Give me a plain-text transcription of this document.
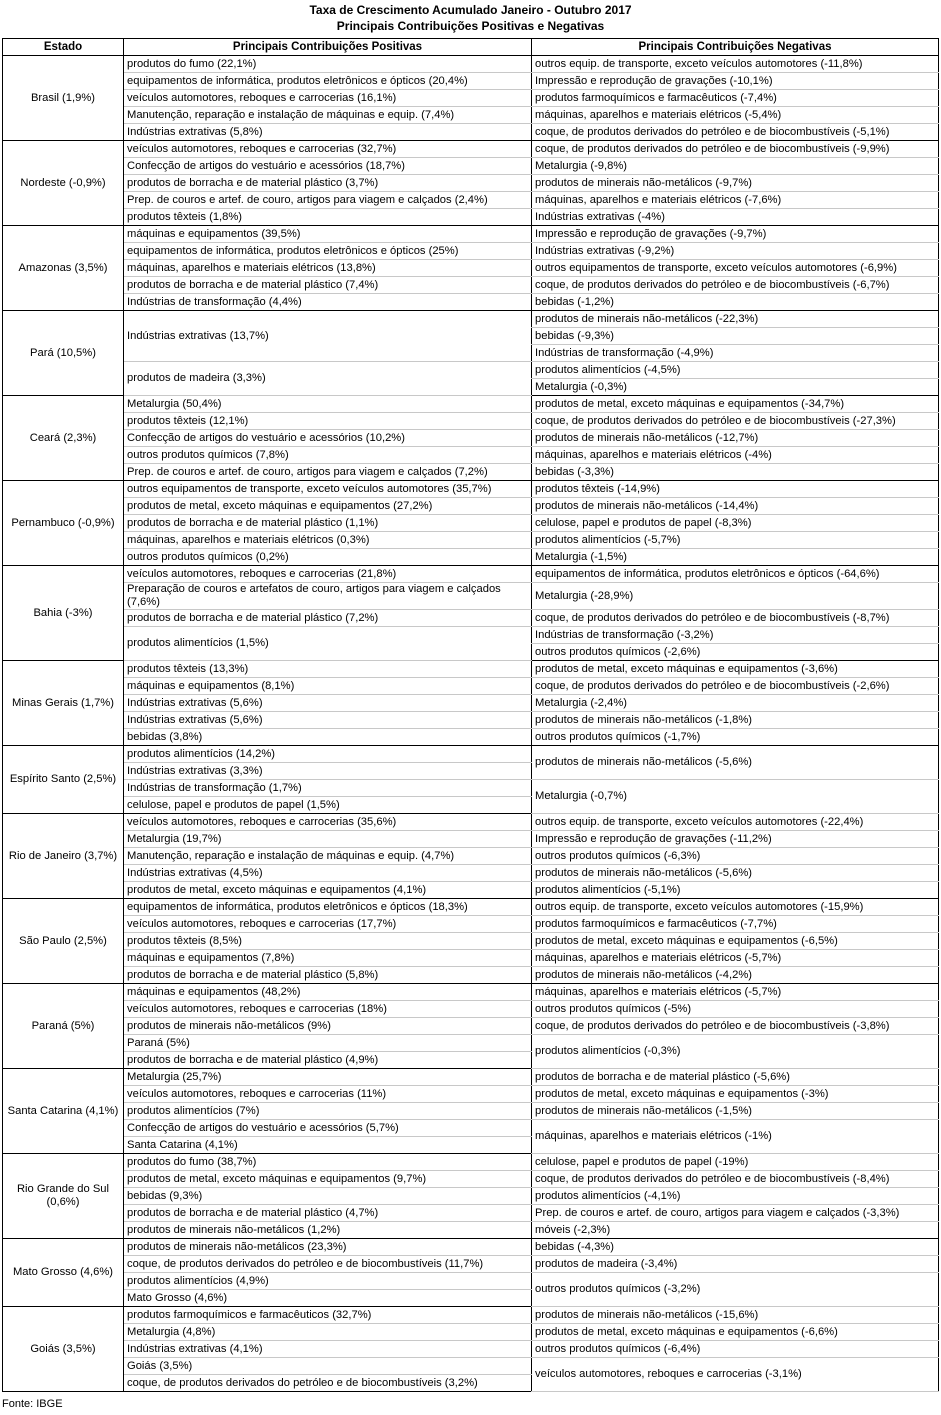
Taxa de Crescimento Acumulado Janeiro - Outubro 2017
Principais Contribuições Positivas e Negativas
Estado	Principais Contribuições Positivas	Principais Contribuições Negativas
Brasil (1,9%)	produtos do fumo (22,1%)	outros equip. de transporte, exceto veículos automotores (-11,8%)
	equipamentos de informática, produtos eletrônicos e ópticos (20,4%)	Impressão e reprodução de gravações (-10,1%)
	veículos automotores, reboques e carrocerias (16,1%)	produtos farmoquímicos e farmacêuticos (-7,4%)
	Manutenção, reparação e instalação de máquinas e equip. (7,4%)	máquinas, aparelhos e materiais elétricos (-5,4%)
	Indústrias extrativas (5,8%)	coque, de produtos derivados do petróleo e de biocombustíveis (-5,1%)
Nordeste (-0,9%)	veículos automotores, reboques e carrocerias (32,7%)	coque, de produtos derivados do petróleo e de biocombustíveis (-9,9%)
	Confecção de artigos do vestuário e acessórios (18,7%)	Metalurgia (-9,8%)
	produtos de borracha e de material plástico (3,7%)	produtos de minerais não-metálicos (-9,7%)
	Prep. de couros e artef. de couro, artigos para viagem e calçados (2,4%)	máquinas, aparelhos e materiais elétricos (-7,6%)
	produtos têxteis (1,8%)	Indústrias extrativas (-4%)
Amazonas (3,5%)	máquinas e equipamentos (39,5%)	Impressão e reprodução de gravações (-9,7%)
	equipamentos de informática, produtos eletrônicos e ópticos (25%)	Indústrias extrativas (-9,2%)
	máquinas, aparelhos e materiais elétricos (13,8%)	outros equipamentos de transporte, exceto veículos automotores (-6,9%)
	produtos de borracha e de material plástico (7,4%)	coque, de produtos derivados do petróleo e de biocombustíveis (-6,7%)
	Indústrias de transformação (4,4%)	bebidas (-1,2%)
Pará (10,5%)	Indústrias extrativas (13,7%)	produtos de minerais não-metálicos (-22,3%)
		bebidas (-9,3%)
		Indústrias de transformação (-4,9%)
	produtos de madeira (3,3%)	produtos alimentícios (-4,5%)
		Metalurgia (-0,3%)
Ceará (2,3%)	Metalurgia (50,4%)	produtos de metal, exceto máquinas e equipamentos (-34,7%)
	produtos têxteis (12,1%)	coque, de produtos derivados do petróleo e de biocombustíveis (-27,3%)
	Confecção de artigos do vestuário e acessórios (10,2%)	produtos de minerais não-metálicos (-12,7%)
	outros produtos químicos (7,8%)	máquinas, aparelhos e materiais elétricos (-4%)
	Prep. de couros e artef. de couro, artigos para viagem e calçados (7,2%)	bebidas (-3,3%)
Pernambuco (-0,9%)	outros equipamentos de transporte, exceto veículos automotores (35,7%)	produtos têxteis (-14,9%)
	produtos de metal, exceto máquinas e equipamentos (27,2%)	produtos de minerais não-metálicos (-14,4%)
	produtos de borracha e de material plástico (1,1%)	celulose, papel e produtos de papel (-8,3%)
	máquinas, aparelhos e materiais elétricos (0,3%)	produtos alimentícios (-5,7%)
	outros produtos químicos (0,2%)	Metalurgia (-1,5%)
Bahia (-3%)	veículos automotores, reboques e carrocerias (21,8%)	equipamentos de informática, produtos eletrônicos e ópticos (-64,6%)
	Preparação de couros e artefatos de couro, artigos para viagem e calçados (7,6%)	Metalurgia (-28,9%)

	produtos de borracha e de material plástico (7,2%)	coque, de produtos derivados do petróleo e de biocombustíveis (-8,7%)
	produtos alimentícios (1,5%)	Indústrias de transformação (-3,2%)
		outros produtos químicos (-2,6%)
Minas Gerais (1,7%)	produtos têxteis (13,3%)	produtos de metal, exceto máquinas e equipamentos (-3,6%)
	máquinas e equipamentos (8,1%)	coque, de produtos derivados do petróleo e de biocombustíveis (-2,6%)
	Indústrias extrativas (5,6%)	Metalurgia (-2,4%)
	Indústrias extrativas (5,6%)	produtos de minerais não-metálicos (-1,8%)
	bebidas (3,8%)	outros produtos químicos (-1,7%)
Espírito Santo (2,5%)	produtos alimentícios (14,2%)	produtos de minerais não-metálicos (-5,6%)
	Indústrias extrativas (3,3%)	
	Indústrias de transformação (1,7%)	Metalurgia (-0,7%)
	celulose, papel e produtos de papel (1,5%)	
Rio de Janeiro (3,7%)	veículos automotores, reboques e carrocerias (35,6%)	outros equip. de transporte, exceto veículos automotores (-22,4%)
	Metalurgia (19,7%)	Impressão e reprodução de gravações (-11,2%)
	Manutenção, reparação e instalação de máquinas e equip. (4,7%)	outros produtos químicos (-6,3%)
	Indústrias extrativas (4,5%)	produtos de minerais não-metálicos (-5,6%)
	produtos de metal, exceto máquinas e equipamentos (4,1%)	produtos alimentícios (-5,1%)
São Paulo (2,5%)	equipamentos de informática, produtos eletrônicos e ópticos (18,3%)	outros equip. de transporte, exceto veículos automotores (-15,9%)
	veículos automotores, reboques e carrocerias (17,7%)	produtos farmoquímicos e farmacêuticos (-7,7%)
	produtos têxteis (8,5%)	produtos de metal, exceto máquinas e equipamentos (-6,5%)
	máquinas e equipamentos (7,8%)	máquinas, aparelhos e materiais elétricos (-5,7%)
	produtos de borracha e de material plástico (5,8%)	produtos de minerais não-metálicos (-4,2%)
Paraná (5%)	máquinas e equipamentos (48,2%)	máquinas, aparelhos e materiais elétricos (-5,7%)
	veículos automotores, reboques e carrocerias (18%)	outros produtos químicos (-5%)
	produtos de minerais não-metálicos (9%)	coque, de produtos derivados do petróleo e de biocombustíveis (-3,8%)
	Paraná (5%)	produtos alimentícios (-0,3%)
	produtos de borracha e de material plástico (4,9%)	
Santa Catarina (4,1%)	Metalurgia (25,7%)	produtos de borracha e de material plástico (-5,6%)
	veículos automotores, reboques e carrocerias (11%)	produtos de metal, exceto máquinas e equipamentos (-3%)
	produtos alimentícios (7%)	produtos de minerais não-metálicos (-1,5%)
	Confecção de artigos do vestuário e acessórios (5,7%)	máquinas, aparelhos e materiais elétricos (-1%)
	Santa Catarina (4,1%)	
Rio Grande do Sul (0,6%)	produtos do fumo (38,7%)	celulose, papel e produtos de papel (-19%)
	produtos de metal, exceto máquinas e equipamentos (9,7%)	coque, de produtos derivados do petróleo e de biocombustíveis (-8,4%)
	bebidas (9,3%)	produtos alimentícios (-4,1%)
	produtos de borracha e de material plástico (4,7%)	Prep. de couros e artef. de couro, artigos para viagem e calçados (-3,3%)
	produtos de minerais não-metálicos (1,2%)	móveis (-2,3%)
Mato Grosso (4,6%)	produtos de minerais não-metálicos (23,3%)	bebidas (-4,3%)
	coque, de produtos derivados do petróleo e de biocombustíveis (11,7%)	produtos de madeira (-3,4%)
	produtos alimentícios (4,9%)	outros produtos químicos (-3,2%)
	Mato Grosso (4,6%)	
Goiás (3,5%)	produtos farmoquímicos e farmacêuticos (32,7%)	produtos de minerais não-metálicos (-15,6%)
	Metalurgia (4,8%)	produtos de metal, exceto máquinas e equipamentos (-6,6%)
	Indústrias extrativas (4,1%)	outros produtos químicos (-6,4%)
	Goiás (3,5%)	veículos automotores, reboques e carrocerias (-3,1%)
	coque, de produtos derivados do petróleo e de biocombustíveis (3,2%)	
Fonte: IBGE
